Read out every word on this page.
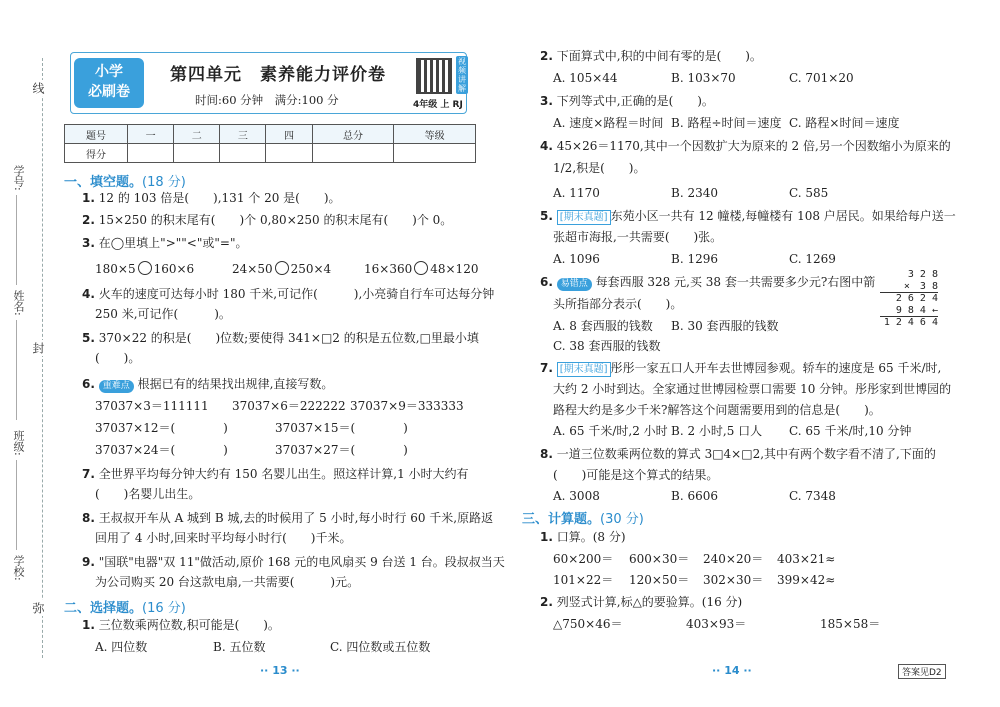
线
封
弥
学号:
姓名:
班级:
学校:
小学
必刷卷
第四单元　素养能力评价卷
时间:60 分钟　满分:100 分
视频讲解
4年级 上 RJ
题号	一	二	三	四	总分	等级
得分						
一、填空题。(18 分)
1. 12 的 103 倍是(　　),131 个 20 是(　　)。
2. 15×250 的积末尾有(　　)个 0,80×250 的积末尾有(　　)个 0。
3. 在◯里填上">""<"或"="。
180×5 160×6	24×50 250×4	16×360 48×120
4. 火车的速度可达每小时 180 千米,可记作(　　　),小亮骑自行车可达每分钟
250 米,可记作(　　　)。
5. 370×22 的积是(　　)位数;要使得 341×□2 的积是五位数,□里最小填
(　　)。
6. 重难点 根据已有的结果找出规律,直接写数。
37037×3＝111111 37037×6＝222222 37037×9＝333333
37037×12＝(　　　　)	37037×15＝(　　　　)
37037×24＝(　　　　)	37037×27＝(　　　　)
7. 全世界平均每分钟大约有 150 名婴儿出生。照这样计算,1 小时大约有
(　　)名婴儿出生。
8. 王叔叔开车从 A 城到 B 城,去的时候用了 5 小时,每小时行 60 千米,原路返
回用了 4 小时,回来时平均每小时行(　　)千米。
9. "国联"电器"双 11"做活动,原价 168 元的电风扇买 9 台送 1 台。段叔叔当天
为公司购买 20 台这款电扇,一共需要(　　　)元。
二、选择题。(16 分)
1. 三位数乘两位数,积可能是(　　)。
A. 四位数	B. 五位数	C. 四位数或五位数
·· 13 ··
2. 下面算式中,积的中间有零的是(　　)。
A. 105×44	B. 103×70	C. 701×20
3. 下列等式中,正确的是(　　)。
A. 速度×路程＝时间 B. 路程÷时间＝速度 C. 路程×时间＝速度
4. 45×26＝1170,其中一个因数扩大为原来的 2 倍,另一个因数缩小为原来的
1/2,积是(　　)。
A. 1170	B. 2340	C. 585
5. [期末真题] 东苑小区一共有 12 幢楼,每幢楼有 108 户居民。如果给每户送一
张超市海报,一共需要(　　)张。
A. 1096	B. 1296	C. 1269
6. 易错点 每套西服 328 元,买 38 套一共需要多少元?右图中箭
头所指部分表示(　　)。
3 2 8
×　3 8
2 6 2 4
9 8 4 ←
1 2 4 6 4
A. 8 套西服的钱数 B. 30 套西服的钱数
C. 38 套西服的钱数
7. [期末真题] 彤彤一家五口人开车去世博园参观。轿车的速度是 65 千米/时,
大约 2 小时到达。全家通过世博园检票口需要 10 分钟。彤彤家到世博园的
路程大约是多少千米?解答这个问题需要用到的信息是(　　)。
A. 65 千米/时,2 小时 B. 2 小时,5 口人 C. 65 千米/时,10 分钟
8. 一道三位数乘两位数的算式 3□4×□2,其中有两个数字看不清了,下面的
(　　)可能是这个算式的结果。
A. 3008	B. 6606	C. 7348
三、计算题。(30 分)
1. 口算。(8 分)
60×200＝ 600×30＝ 240×20＝ 403×21≈
101×22＝ 120×50＝ 302×30＝ 399×42≈
2. 列竖式计算,标△的要验算。(16 分)
△750×46＝	403×93＝	185×58＝
·· 14 ··	答案见D2
